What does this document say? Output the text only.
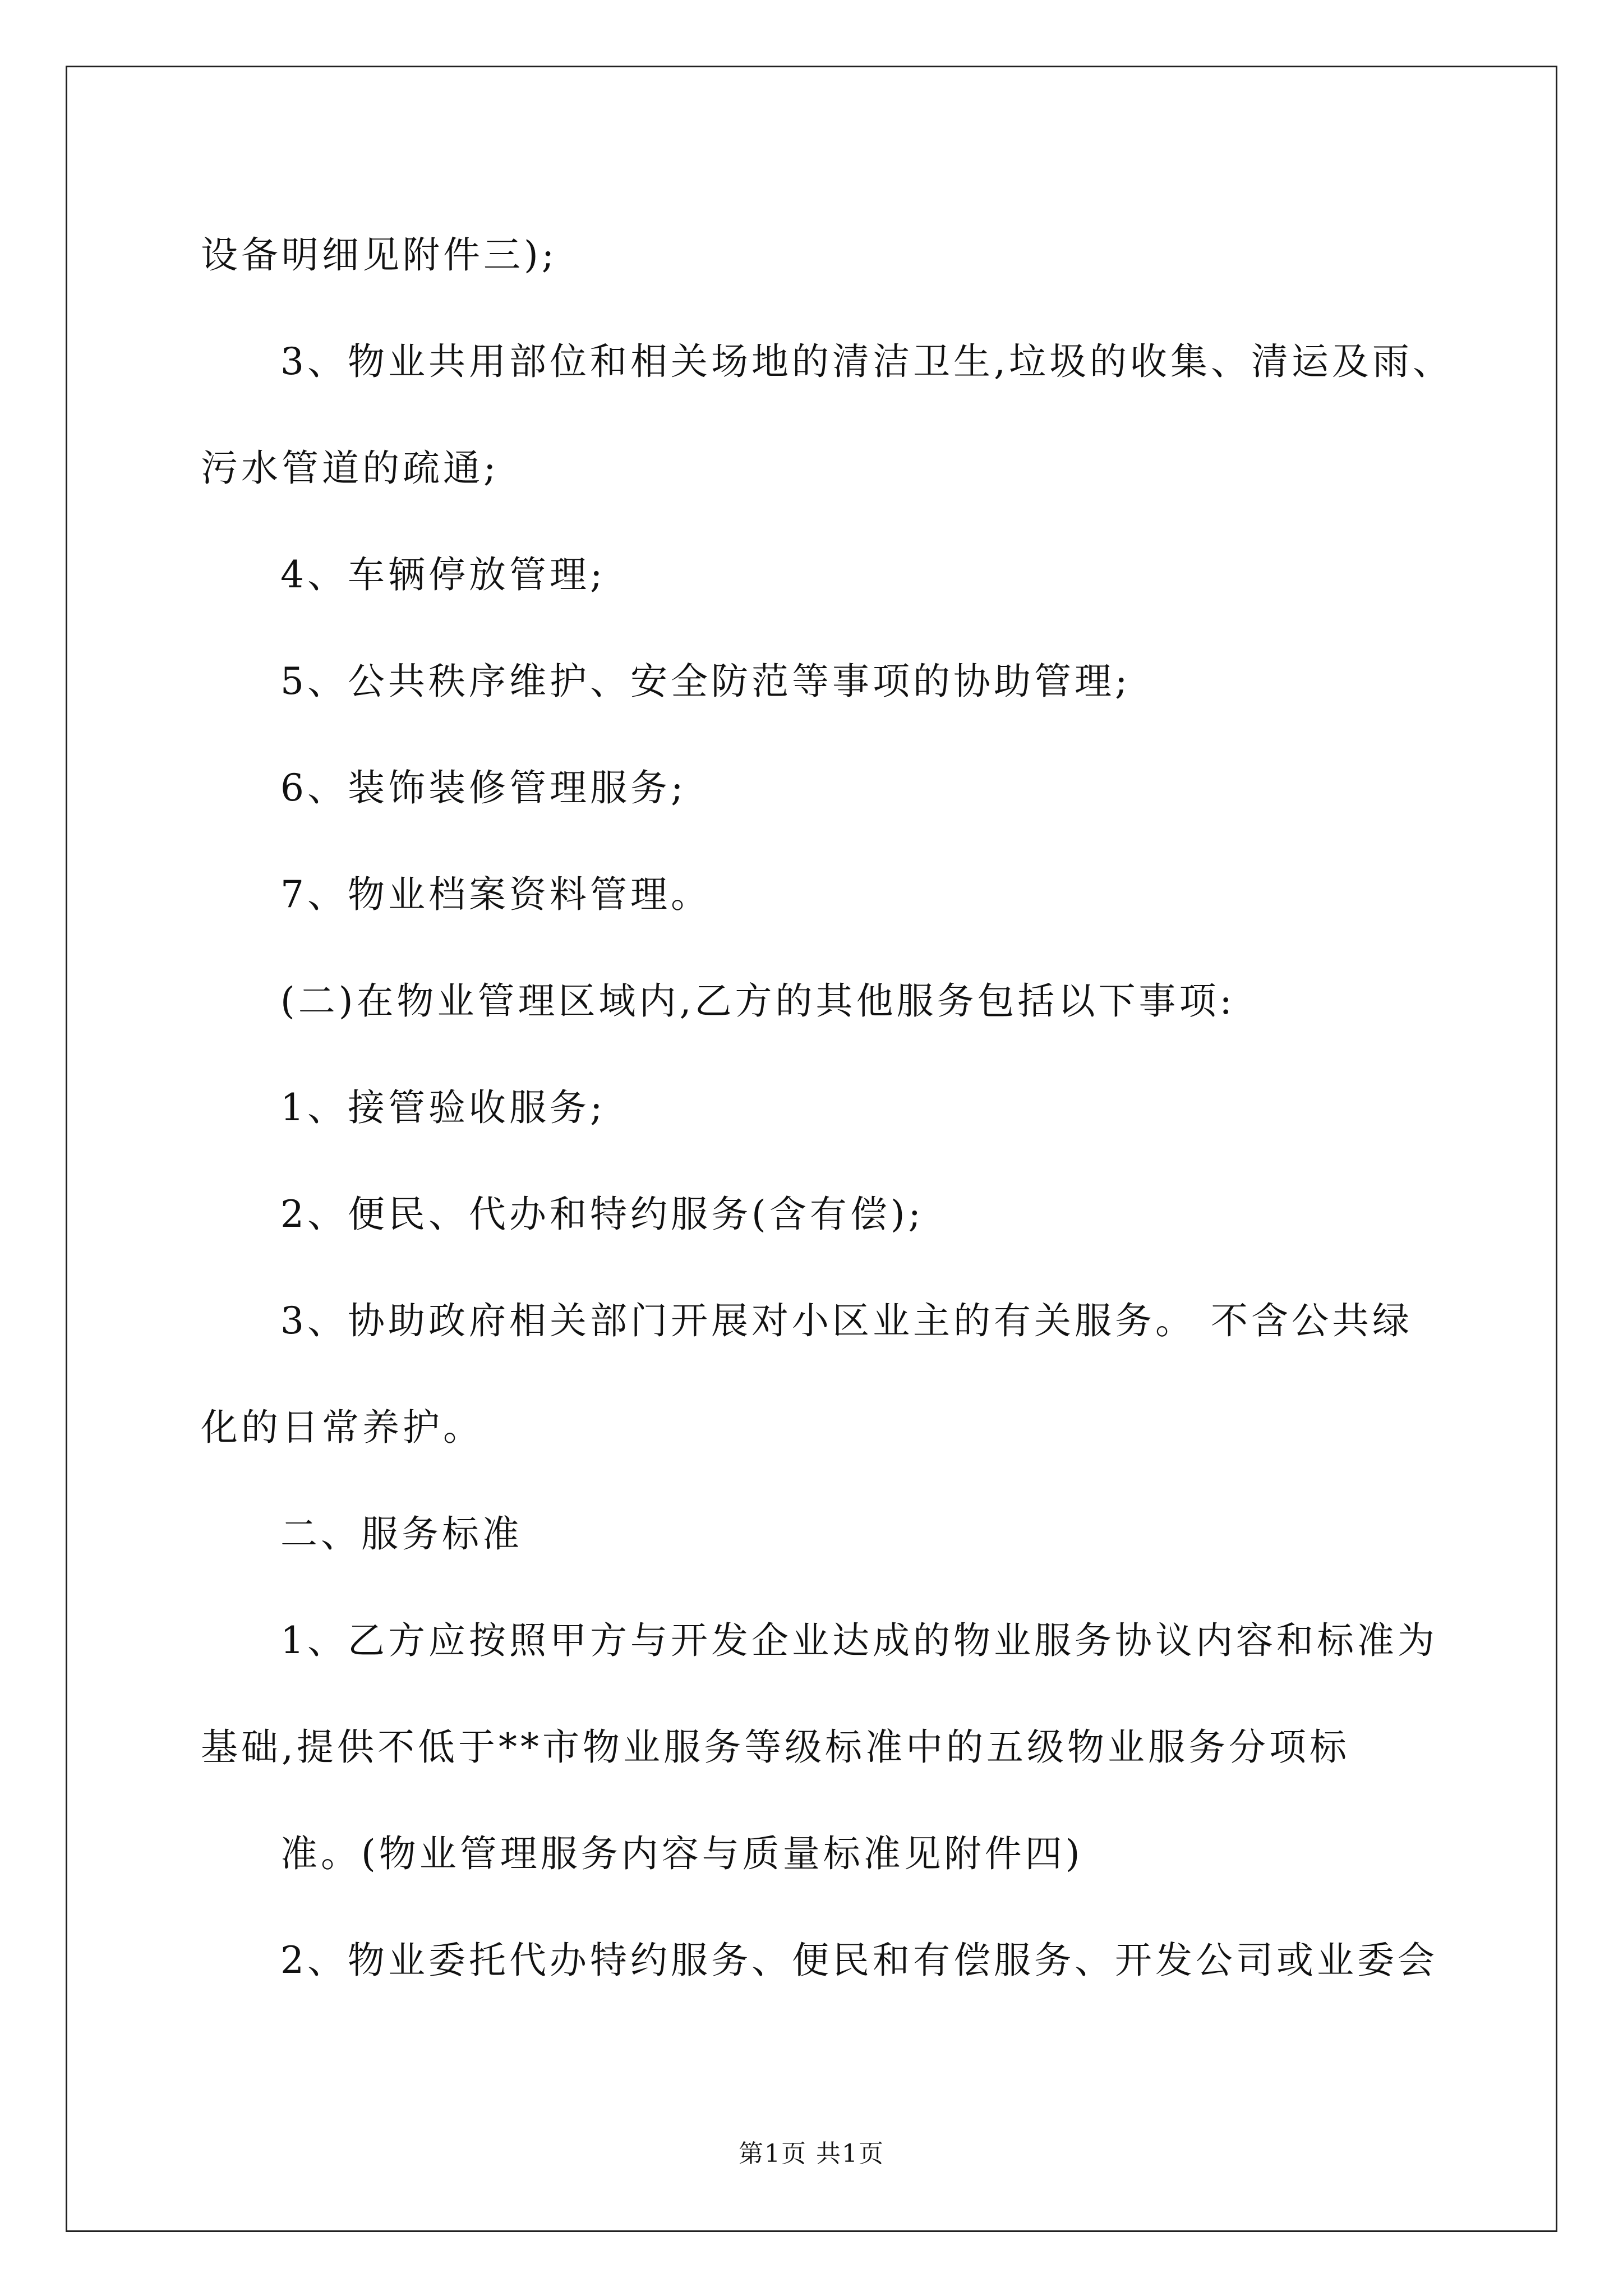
设备明细见附件三);
3、物业共用部位和相关场地的清洁卫生,垃圾的收集、清运及雨、
污水管道的疏通;
4、车辆停放管理;
5、公共秩序维护、安全防范等事项的协助管理;
6、装饰装修管理服务;
7、物业档案资料管理。
(二)在物业管理区域内,乙方的其他服务包括以下事项:
1、接管验收服务;
2、便民、代办和特约服务(含有偿);
3、协助政府相关部门开展对小区业主的有关服务。 不含公共绿
化的日常养护。
二、服务标准
1、乙方应按照甲方与开发企业达成的物业服务协议内容和标准为
基础,提供不低于**市物业服务等级标准中的五级物业服务分项标
准。(物业管理服务内容与质量标准见附件四)
2、物业委托代办特约服务、便民和有偿服务、开发公司或业委会
第1页 共1页
